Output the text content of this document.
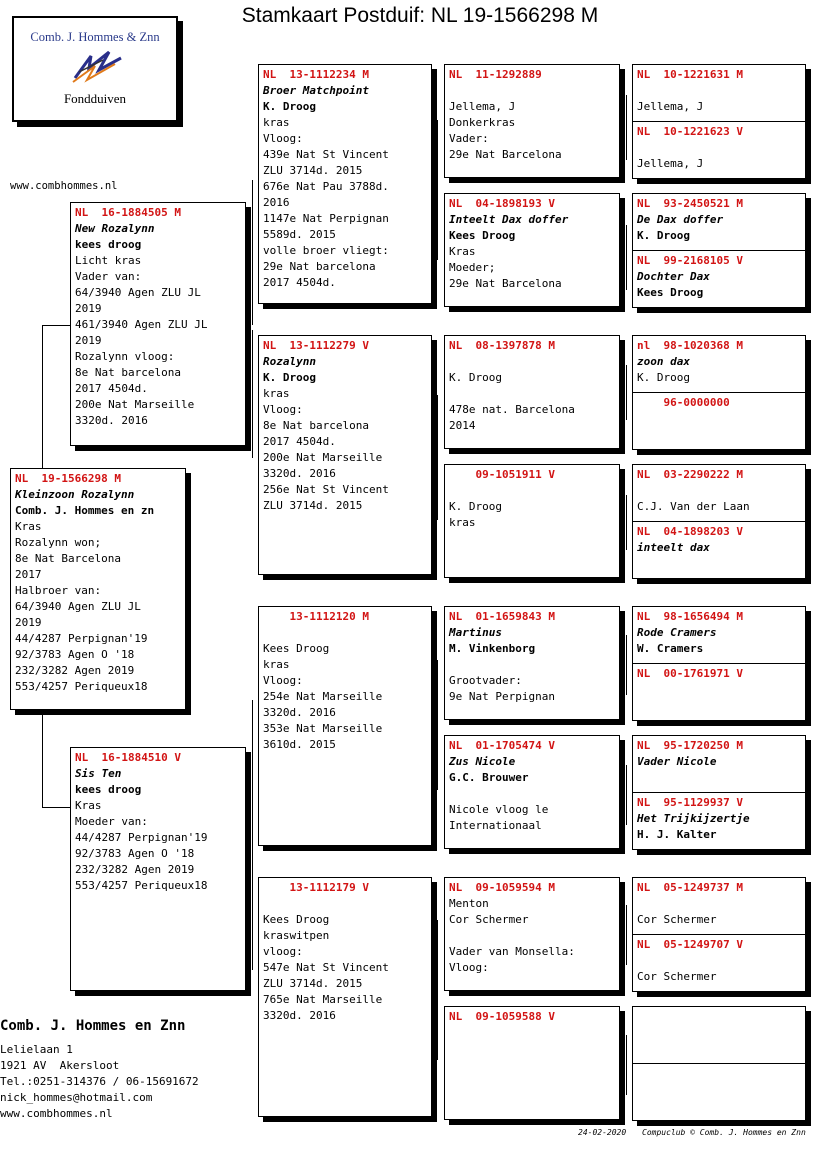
Stamkaart Postduif: NL 19-1566298 M
Comb. J. Hommes & Znn
Fondduiven
www.combhommes.nl
NL  19-1566298 M
Kleinzoon Rozalynn
Comb. J. Hommes en zn
Kras
Rozalynn won;
8e Nat Barcelona
2017
Halbroer van:
64/3940 Agen ZLU JL
2019
44/4287 Perpignan'19
92/3783 Agen O '18
232/3282 Agen 2019
553/4257 Periqueux18
NL  16-1884505 M
New Rozalynn
kees droog
Licht kras
Vader van:
64/3940 Agen ZLU JL
2019
461/3940 Agen ZLU JL
2019
Rozalynn vloog:
8e Nat barcelona
2017 4504d.
200e Nat Marseille
3320d. 2016
NL  16-1884510 V
Sis Ten
kees droog
Kras
Moeder van:
44/4287 Perpignan'19
92/3783 Agen O '18
232/3282 Agen 2019
553/4257 Periqueux18
NL  13-1112234 M
Broer Matchpoint
K. Droog
kras
Vloog:
439e Nat St Vincent
ZLU 3714d. 2015
676e Nat Pau 3788d.
2016
1147e Nat Perpignan
5589d. 2015
volle broer vliegt:
29e Nat barcelona
2017 4504d.
NL  13-1112279 V
Rozalynn
K. Droog
kras
Vloog:
8e Nat barcelona
2017 4504d.
200e Nat Marseille
3320d. 2016
256e Nat St Vincent
ZLU 3714d. 2015
13-1112120 M
Kees Droog
kras
Vloog:
254e Nat Marseille
3320d. 2016
353e Nat Marseille
3610d. 2015
13-1112179 V
Kees Droog
kraswitpen
vloog:
547e Nat St Vincent
ZLU 3714d. 2015
765e Nat Marseille
3320d. 2016
NL  11-1292889
Jellema, J
Donkerkras
Vader:
29e Nat Barcelona
NL  04-1898193 V
Inteelt Dax doffer
Kees Droog
Kras
Moeder;
29e Nat Barcelona
NL  08-1397878 M
K. Droog
478e nat. Barcelona
2014
09-1051911 V
K. Droog
kras
NL  01-1659843 M
Martinus
M. Vinkenborg
Grootvader:
9e Nat Perpignan
NL  01-1705474 V
Zus Nicole
G.C. Brouwer
Nicole vloog le
Internationaal
NL  09-1059594 M
Menton
Cor Schermer
Vader van Monsella:
Vloog:
NL  09-1059588 V
NL  10-1221631 M
Jellema, J
NL  10-1221623 V
Jellema, J
NL  93-2450521 M
De Dax doffer
K. Droog
NL  99-2168105 V
Dochter Dax
Kees Droog
nl  98-1020368 M
zoon dax
K. Droog
96-0000000
NL  03-2290222 M
C.J. Van der Laan
NL  04-1898203 V
inteelt dax
NL  98-1656494 M
Rode Cramers
W. Cramers
NL  00-1761971 V
NL  95-1720250 M
Vader Nicole
NL  95-1129937 V
Het Trijkijzertje
H. J. Kalter
NL  05-1249737 M
Cor Schermer
NL  05-1249707 V
Cor Schermer
Comb. J. Hommes en Znn
Lelielaan 1
1921 AV  Akersloot
Tel.:0251-314376 / 06-15691672
nick_hommes@hotmail.com
www.combhommes.nl
24-02-2020 Compuclub © Comb. J. Hommes en Znn
